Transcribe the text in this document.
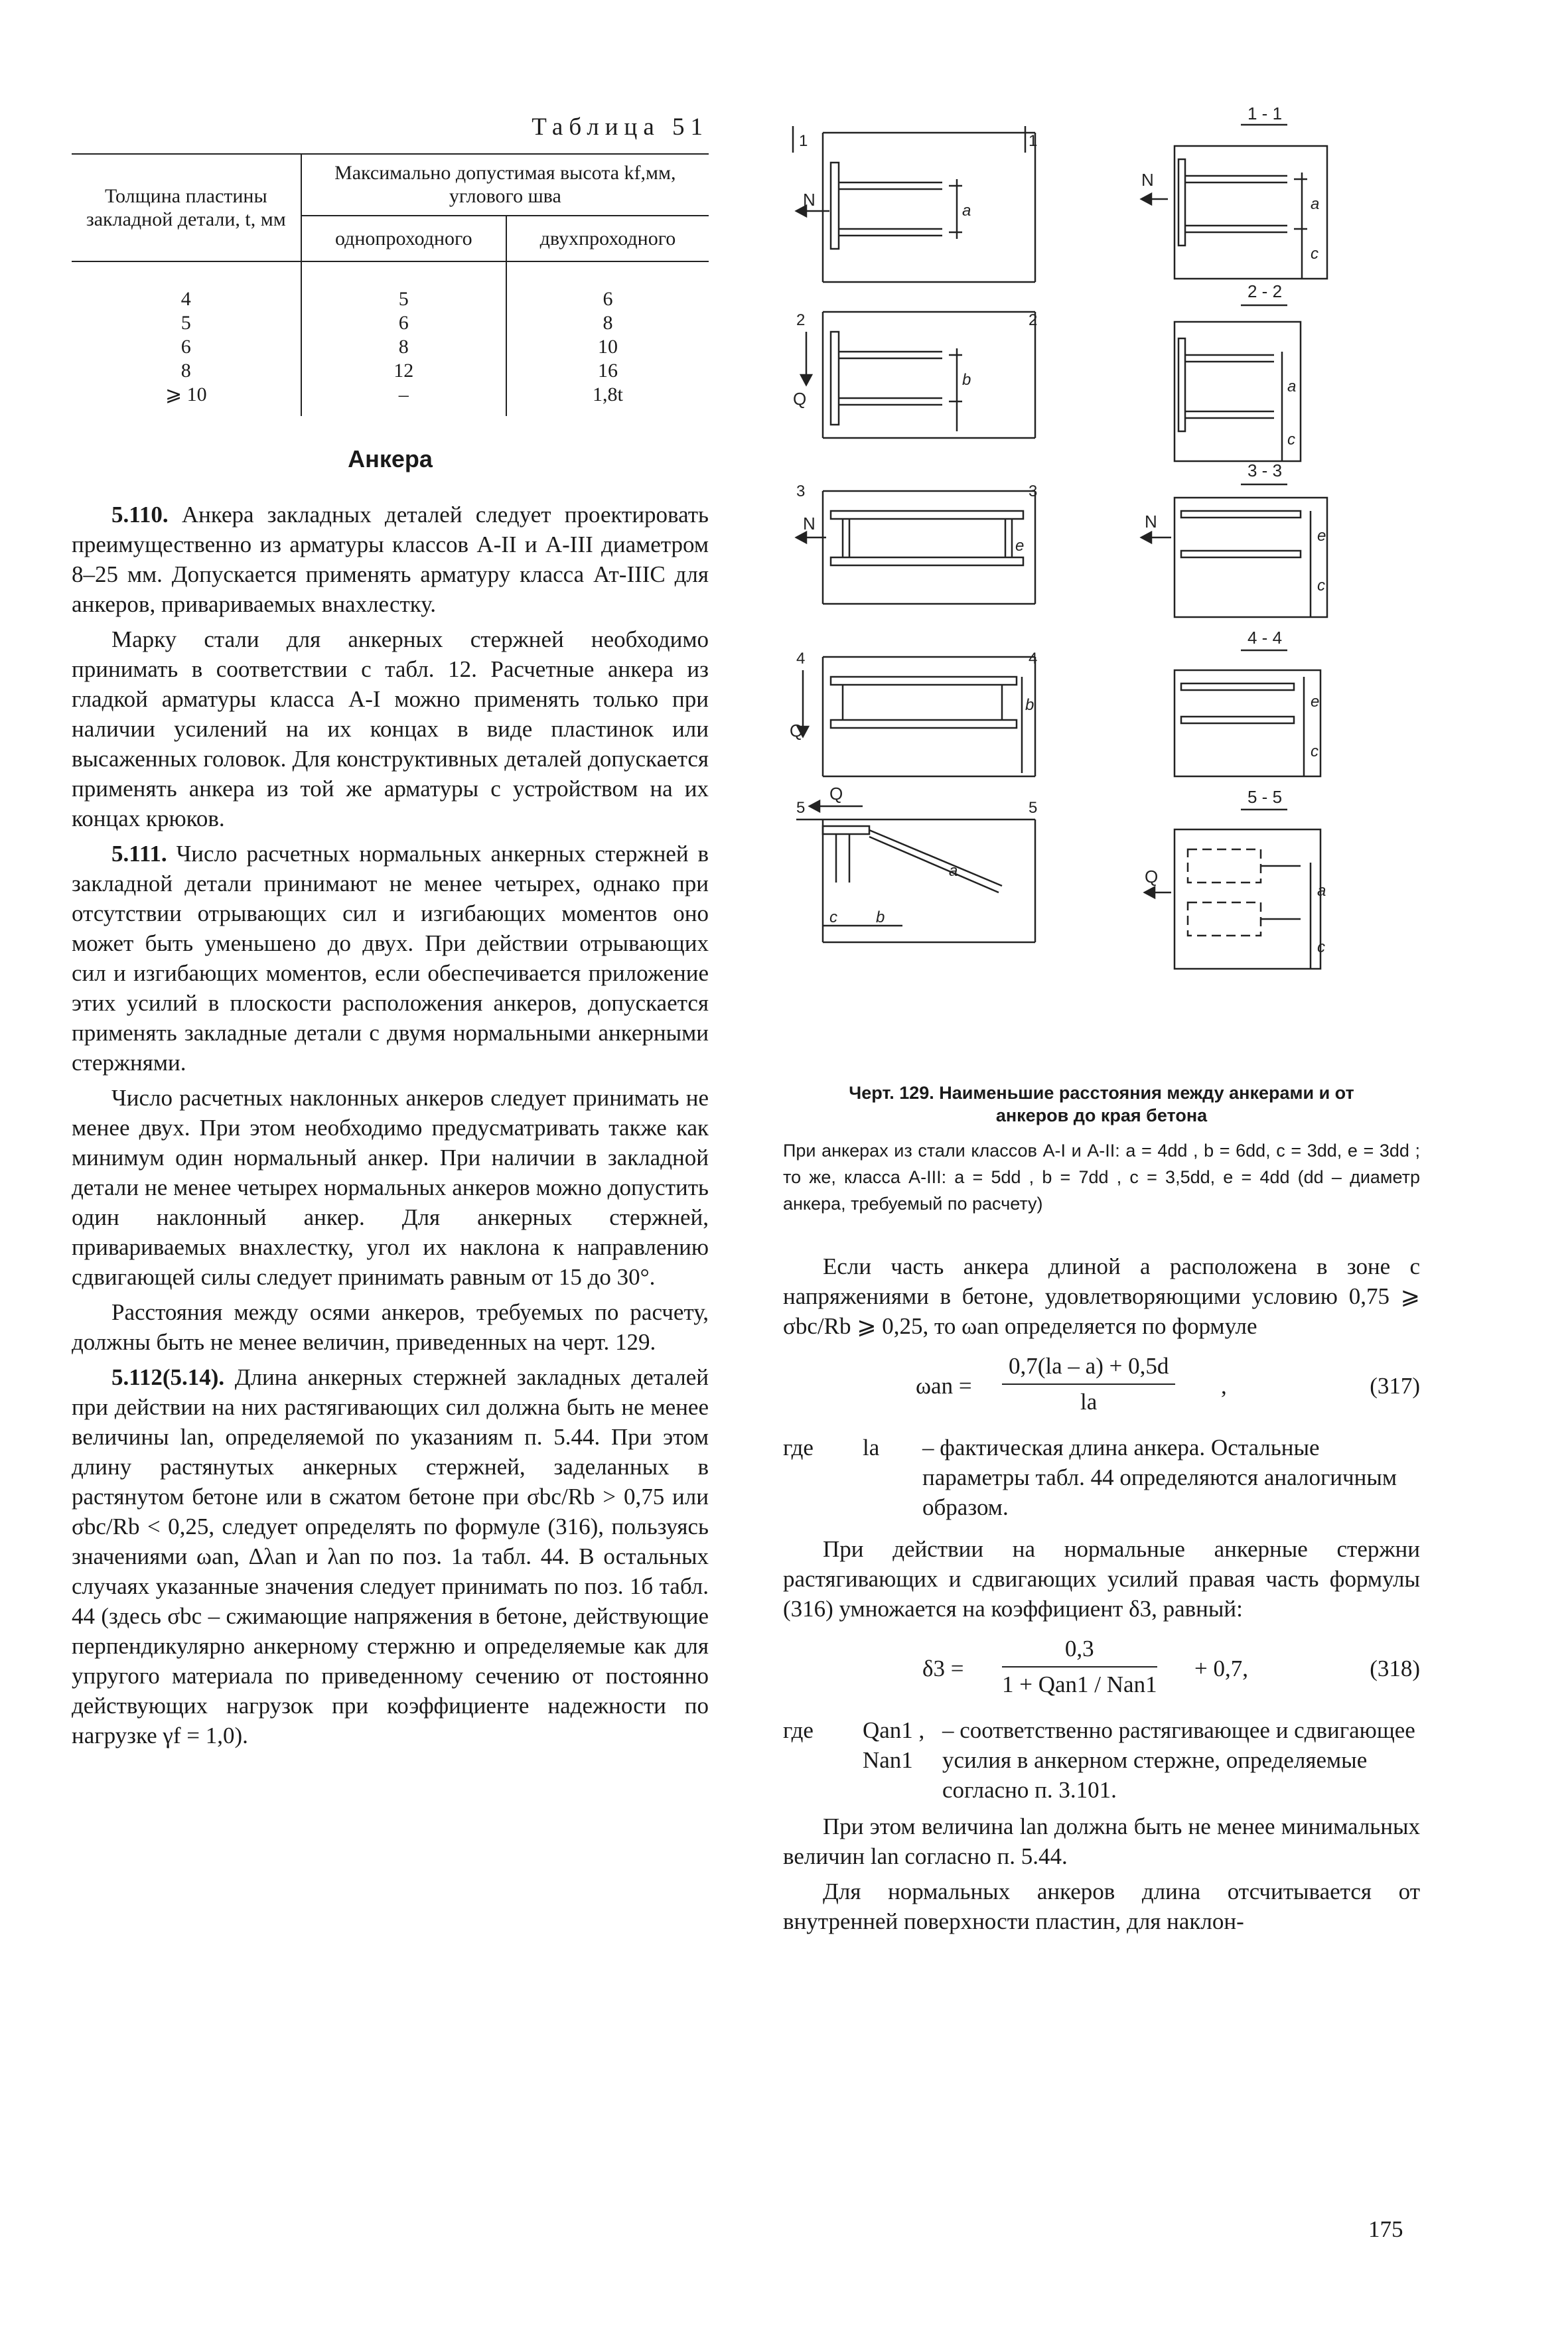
Таблица 51
Толщина пластины закладной детали, t, мм	Максимально допустимая высота kf,мм, углового шва	
	однопроходного	двухпроходного
4	5	6
5	6	8
6	8	10
8	12	16
⩾ 10	–	1,8t
Анкера

5.110. Анкера закладных деталей следует проектировать преимущественно из арматуры классов А-II и А-III диаметром 8–25 мм. Допускается применять арматуру класса Ат-IIIС для анкеров, привариваемых внахлестку.

Марку стали для анкерных стержней необходимо принимать в соответствии с табл. 12. Расчетные анкера из гладкой арматуры класса А-I можно применять только при наличии усилений на их концах в виде пластинок или высаженных головок. Для конструктивных деталей допускается применять анкера из той же арматуры с устройством на их концах крюков.

5.111. Число расчетных нормальных анкерных стержней в закладной детали принимают не менее четырех, однако при отсутствии отрывающих сил и изгибающих моментов оно может быть уменьшено до двух. При действии отрывающих сил и изгибающих моментов, если обеспечивается приложение этих усилий в плоскости расположения анкеров, допускается применять закладные детали с двумя нормальными анкерными стержнями.

Число расчетных наклонных анкеров следует принимать не менее двух. При этом необходимо предусматривать также как минимум один нормальный анкер. При наличии в закладной детали не менее четырех нормальных анкеров можно допустить один наклонный анкер. Для анкерных стержней, привариваемых внахлестку, угол их наклона к направлению сдвигающей силы следует принимать равным от 15 до 30°.

Расстояния между осями анкеров, требуемых по расчету, должны быть не менее величин, приведенных на черт. 129.

5.112(5.14). Длина анкерных стержней закладных деталей при действии на них растягивающих сил должна быть не менее величины lan, определяемой по указаниям п. 5.44. При этом длину растянутых анкерных стержней, заделанных в растянутом бетоне или в сжатом бетоне при σbc/Rb > 0,75 или σbc/Rb < 0,25, следует определять по формуле (316), пользуясь значениями ωan, Δλan и λan по поз. 1а табл. 44. В остальных случаях указанные значения следует принимать по поз. 1б табл. 44 (здесь σbc – сжимающие напряжения в бетоне, действующие перпендикулярно анкерному стержню и определяемые как для упругого материала по приведенному сечению от постоянно действующих нагрузок при коэффициенте надежности по нагрузке γf = 1,0).

N
1	1
a
1 - 1
N
a
c
2	2
Q
b
2 - 2
a
c
3	3
N
e
3 - 3
N
e
c
4	4
Q
b
4 - 4
e
c
5	5
Q
c b
a
5 - 5
Q
a
c
Черт. 129. Наименьшие расстояния между анкерами и от
анкеров до края бетона
При анкерах из стали классов А-I и А-II: a = 4dd , b = 6dd, c = 3dd, e = 3dd ; то же, класса А-III: a = 5dd , b = 7dd , c = 3,5dd, e = 4dd (dd – диаметр анкера, требуемый по расчету)

Если часть анкера длиной a расположена в зоне с напряжениями в бетоне, удовлетворяющими условию 0,75 ⩾ σbc/Rb ⩾ 0,25, то ωan определяется по формуле

$\omega an = \frac{0,7(la - a) + 0,5d}{la}$ ,	(317)
где	la	– фактическая длина анкера. Остальные параметры табл. 44 определяются аналогичным образом.

При действии на нормальные анкерные стержни растягивающих и сдвигающих усилий правая часть формулы (316) умножается на коэффициент δ3, равный:

δ3 =
0,3
1 + Qan1 / Nan1
+ 0,7,	(318)
где	Qan1 , Nan1
– соответственно растягивающее и сдвигающее усилия в анкерном стержне, определяемые согласно п. 3.101.

При этом величина lan должна быть не менее минимальных величин lan согласно п. 5.44.

Для нормальных анкеров длина отсчитывается от внутренней поверхности пластин, для наклон-

175
